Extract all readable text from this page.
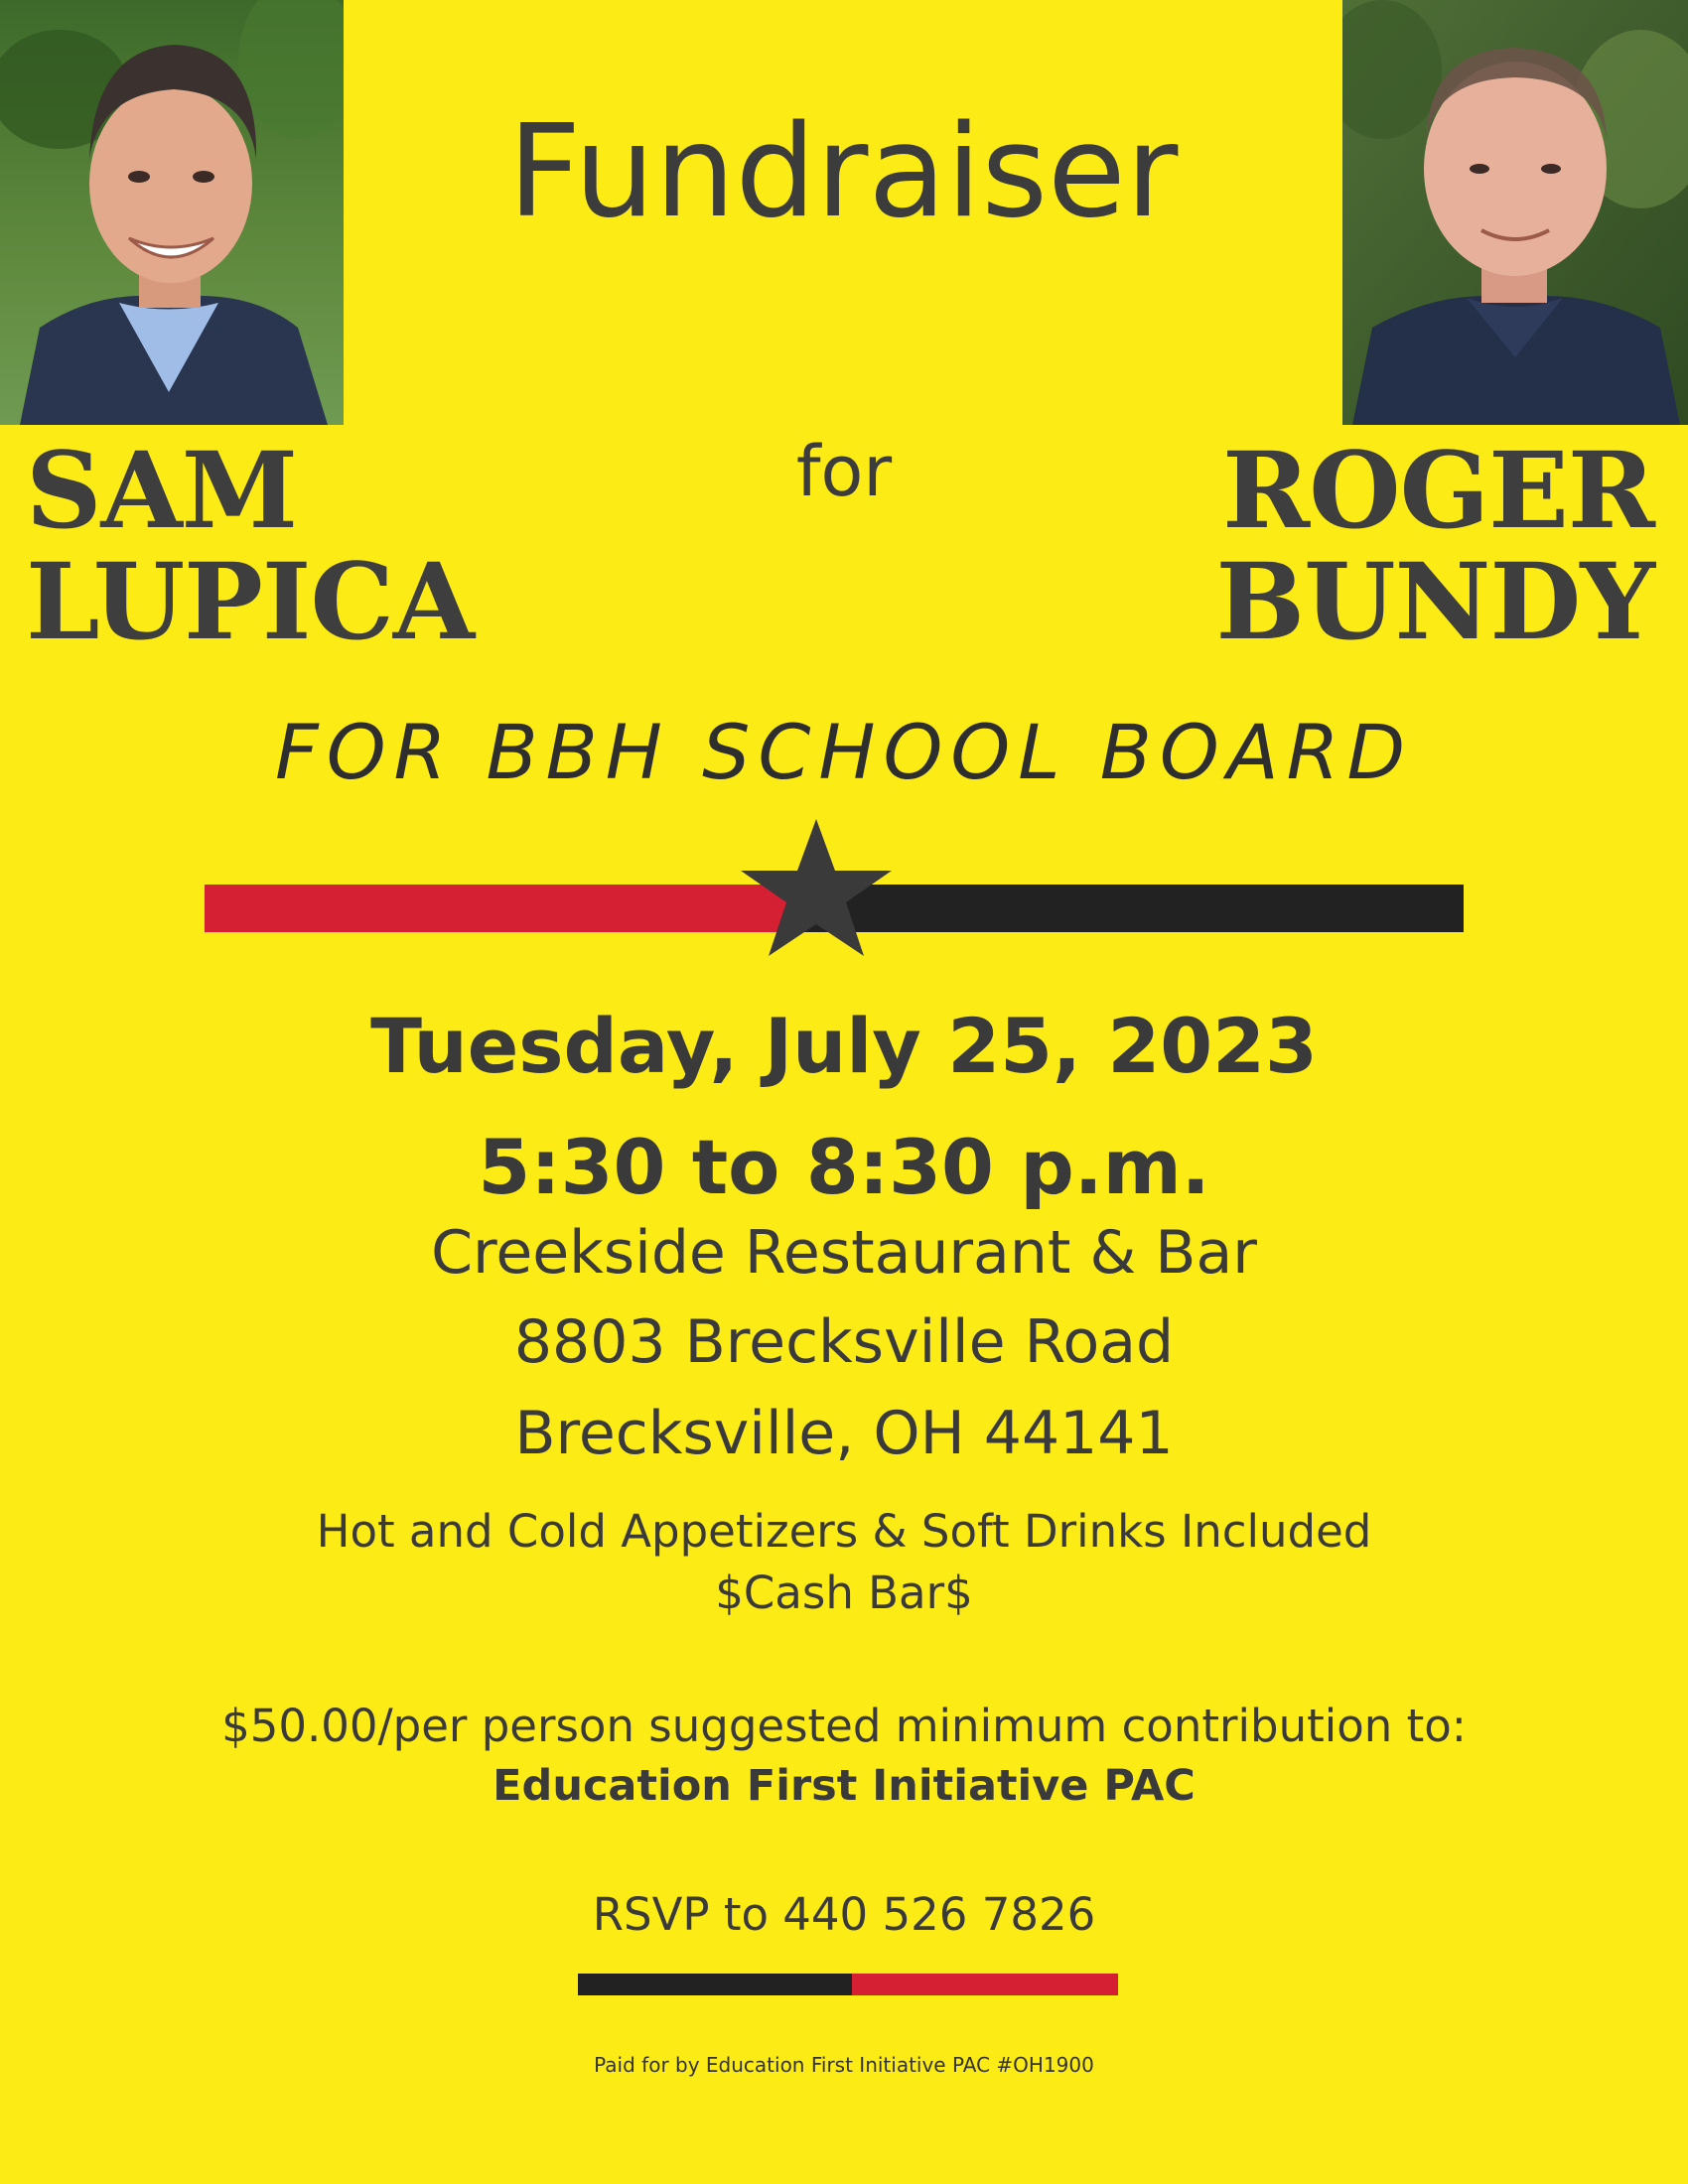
Fundraiser
SAM
LUPICA
for	ROGER
BUNDY
FOR BBH SCHOOL BOARD
Tuesday, July 25, 2023
5:30 to 8:30 p.m.
Creekside Restaurant & Bar
8803 Brecksville Road
Brecksville, OH 44141
Hot and Cold Appetizers & Soft Drinks Included
$Cash Bar$
$50.00/per person suggested minimum contribution to:
Education First Initiative PAC
RSVP to 440 526 7826
Paid for by Education First Initiative PAC #OH1900
